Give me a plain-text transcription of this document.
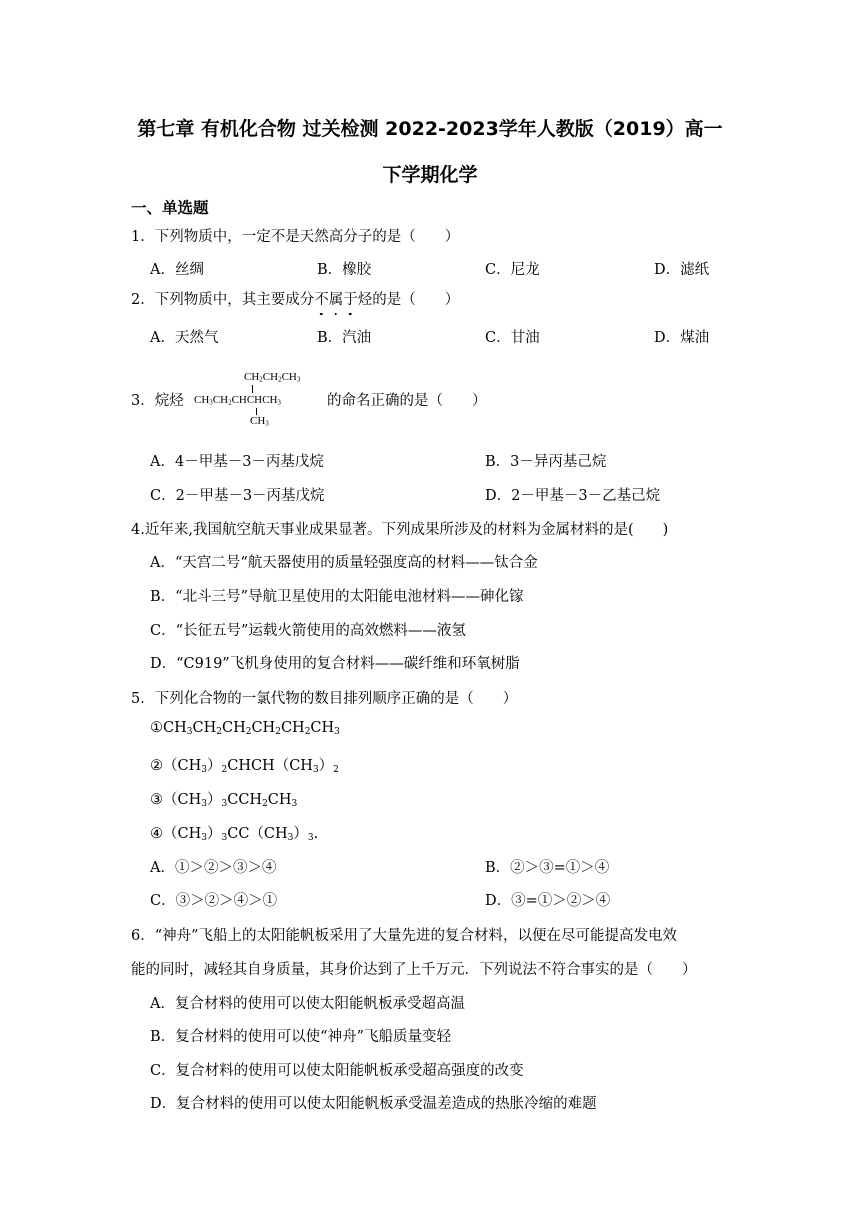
第七章 有机化合物 过关检测 2022-2023学年人教版（2019）高一
下学期化学
一、单选题
1．下列物质中，一定不是天然高分子的是（　　）
A．丝绸	B．橡胶	C．尼龙	D．滤纸
2．下列物质中，其主要成分不属于烃的是（　　）
A．天然气	B．汽油	C．甘油	D．煤油
3．烷烃
$CH_2CH_2CH_3$
$CH_3CH_2CHCHCH_3$
$CH_3$
的命名正确的是（　　）
A．4－甲基－3－丙基戊烷	B．3－异丙基己烷
C．2－甲基－3－丙基戊烷	D．2－甲基－3－乙基己烷
4.近年来,我国航空航天事业成果显著。下列成果所涉及的材料为金属材料的是(　　)
A．“天宫二号“航天器使用的质量轻强度高的材料——钛合金
B．“北斗三号”导航卫星使用的太阳能电池材料——砷化镓
C．“长征五号”运载火箭使用的高效燃料——液氢
D．“C919”飞机身使用的复合材料——碳纤维和环氧树脂
5．下列化合物的一氯代物的数目排列顺序正确的是（　　）
$①CH_3CH_2CH_2CH_2CH_2CH_3$
$②(CH_3)_2CHCH(CH_3)_2$
$③(CH_3)_3CCH_2CH_3$
$④(CH_3)_3CC(CH_3)_3$.
A．①＞②＞③＞④	B．②＞③=①＞④
C．③＞②＞④＞①	D．③=①＞②＞④
6．“神舟”飞船上的太阳能帆板采用了大量先进的复合材料，以便在尽可能提高发电效
能的同时，减轻其自身质量，其身价达到了上千万元．下列说法不符合事实的是（　　）
A．复合材料的使用可以使太阳能帆板承受超高温
B．复合材料的使用可以使“神舟”飞船质量变轻
C．复合材料的使用可以使太阳能帆板承受超高强度的改变
D．复合材料的使用可以使太阳能帆板承受温差造成的热胀冷缩的难题
